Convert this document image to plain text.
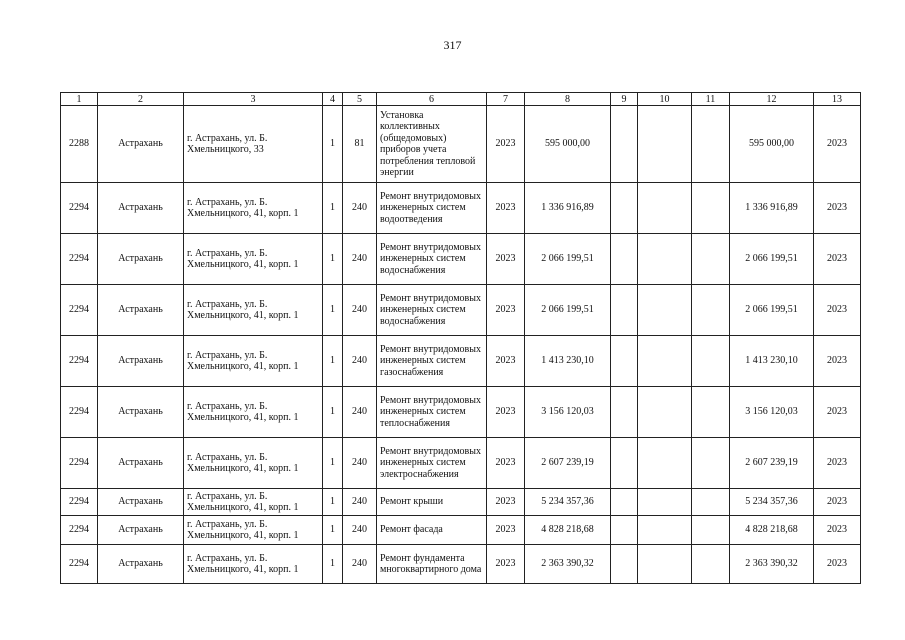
317
1	2	3	4	5	6	7	8	9	10	11	12	13
2288	Астрахань	г. Астрахань, ул. Б. Хмельницкого, 33	1	81	Установка коллективных (общедомовых) приборов учета потребления тепловой энергии	2023	595 000,00				595 000,00	2023
2294	Астрахань	г. Астрахань, ул. Б. Хмельницкого, 41, корп. 1	1	240	Ремонт внутридомовых инженерных систем водоотведения	2023	1 336 916,89				1 336 916,89	2023
2294	Астрахань	г. Астрахань, ул. Б. Хмельницкого, 41, корп. 1	1	240	Ремонт внутридомовых инженерных систем водоснабжения	2023	2 066 199,51				2 066 199,51	2023
2294	Астрахань	г. Астрахань, ул. Б. Хмельницкого, 41, корп. 1	1	240	Ремонт внутридомовых инженерных систем водоснабжения	2023	2 066 199,51				2 066 199,51	2023
2294	Астрахань	г. Астрахань, ул. Б. Хмельницкого, 41, корп. 1	1	240	Ремонт внутридомовых инженерных систем газоснабжения	2023	1 413 230,10				1 413 230,10	2023
2294	Астрахань	г. Астрахань, ул. Б. Хмельницкого, 41, корп. 1	1	240	Ремонт внутридомовых инженерных систем теплоснабжения	2023	3 156 120,03				3 156 120,03	2023
2294	Астрахань	г. Астрахань, ул. Б. Хмельницкого, 41, корп. 1	1	240	Ремонт внутридомовых инженерных систем электроснабжения	2023	2 607 239,19				2 607 239,19	2023
2294	Астрахань	г. Астрахань, ул. Б. Хмельницкого, 41, корп. 1	1	240	Ремонт крыши	2023	5 234 357,36				5 234 357,36	2023
2294	Астрахань	г. Астрахань, ул. Б. Хмельницкого, 41, корп. 1	1	240	Ремонт фасада	2023	4 828 218,68				4 828 218,68	2023
2294	Астрахань	г. Астрахань, ул. Б. Хмельницкого, 41, корп. 1	1	240	Ремонт фундамента многоквартирного дома	2023	2 363 390,32				2 363 390,32	2023
